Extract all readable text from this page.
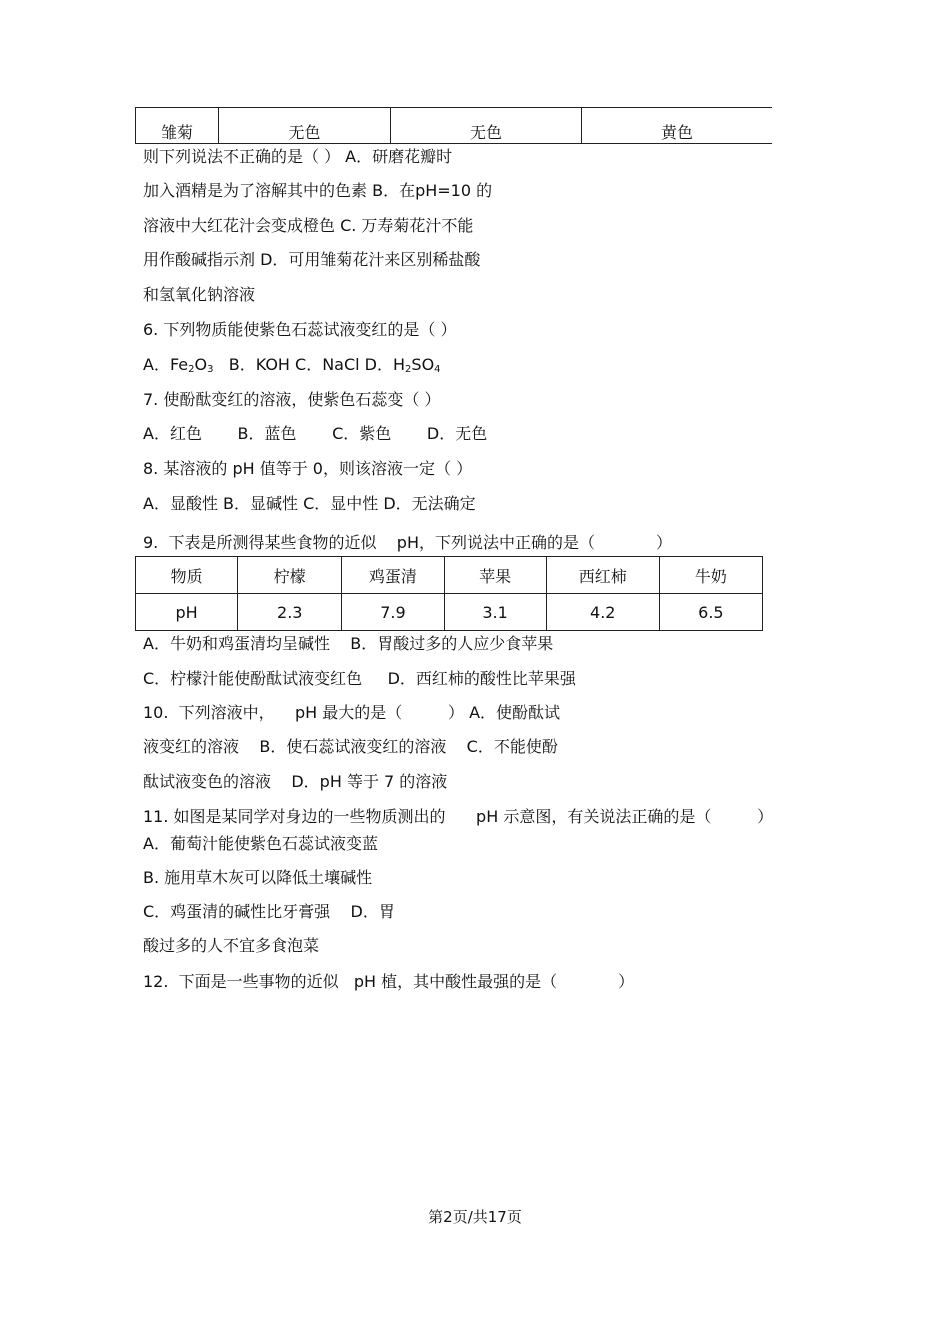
雏菊	无色	无色	黄色
则下列说法不正确的是（ ） A．研磨花瓣时
加入酒精是为了溶解其中的色素 B．在pH=10 的
溶液中大红花汁会变成橙色 C. 万寿菊花汁不能
用作酸碱指示剂 D．可用雏菊花汁来区别稀盐酸
和氢氧化钠溶液
6. 下列物质能使紫色石蕊试液变红的是（ ）
A．$Fe_2O_3$   B．KOH C．NaCl D．$H_2SO_4$
7. 使酚酞变红的溶液，使紫色石蕊变（ ）
A．红色       B．蓝色       C．紫色       D．无色
8. 某溶液的 pH 值等于 0，则该溶液一定（ ）
A．显酸性 B．显碱性 C．显中性 D．无法确定
9.  下表是所测得某些食物的近似    pH，下列说法中正确的是（            ）
物质	柠檬	鸡蛋清	苹果	西红柿	牛奶
pH	2.3	7.9	3.1	4.2	6.5
A．牛奶和鸡蛋清均呈碱性    B．胃酸过多的人应少食苹果
C．柠檬汁能使酚酞试液变红色     D．西红柿的酸性比苹果强
10.  下列溶液中，    pH 最大的是（         ） A．使酚酞试
液变红的溶液    B．使石蕊试液变红的溶液    C．不能使酚
酞试液变色的溶液    D．pH 等于 7 的溶液
11. 如图是某同学对身边的一些物质测出的      pH 示意图，有关说法正确的是（         ）
A．葡萄汁能使紫色石蕊试液变蓝
B. 施用草木灰可以降低土壤碱性
C．鸡蛋清的碱性比牙膏强    D．胃
酸过多的人不宜多食泡菜
12.  下面是一些事物的近似   pH 植，其中酸性最强的是（            ）
第2页/共17页
